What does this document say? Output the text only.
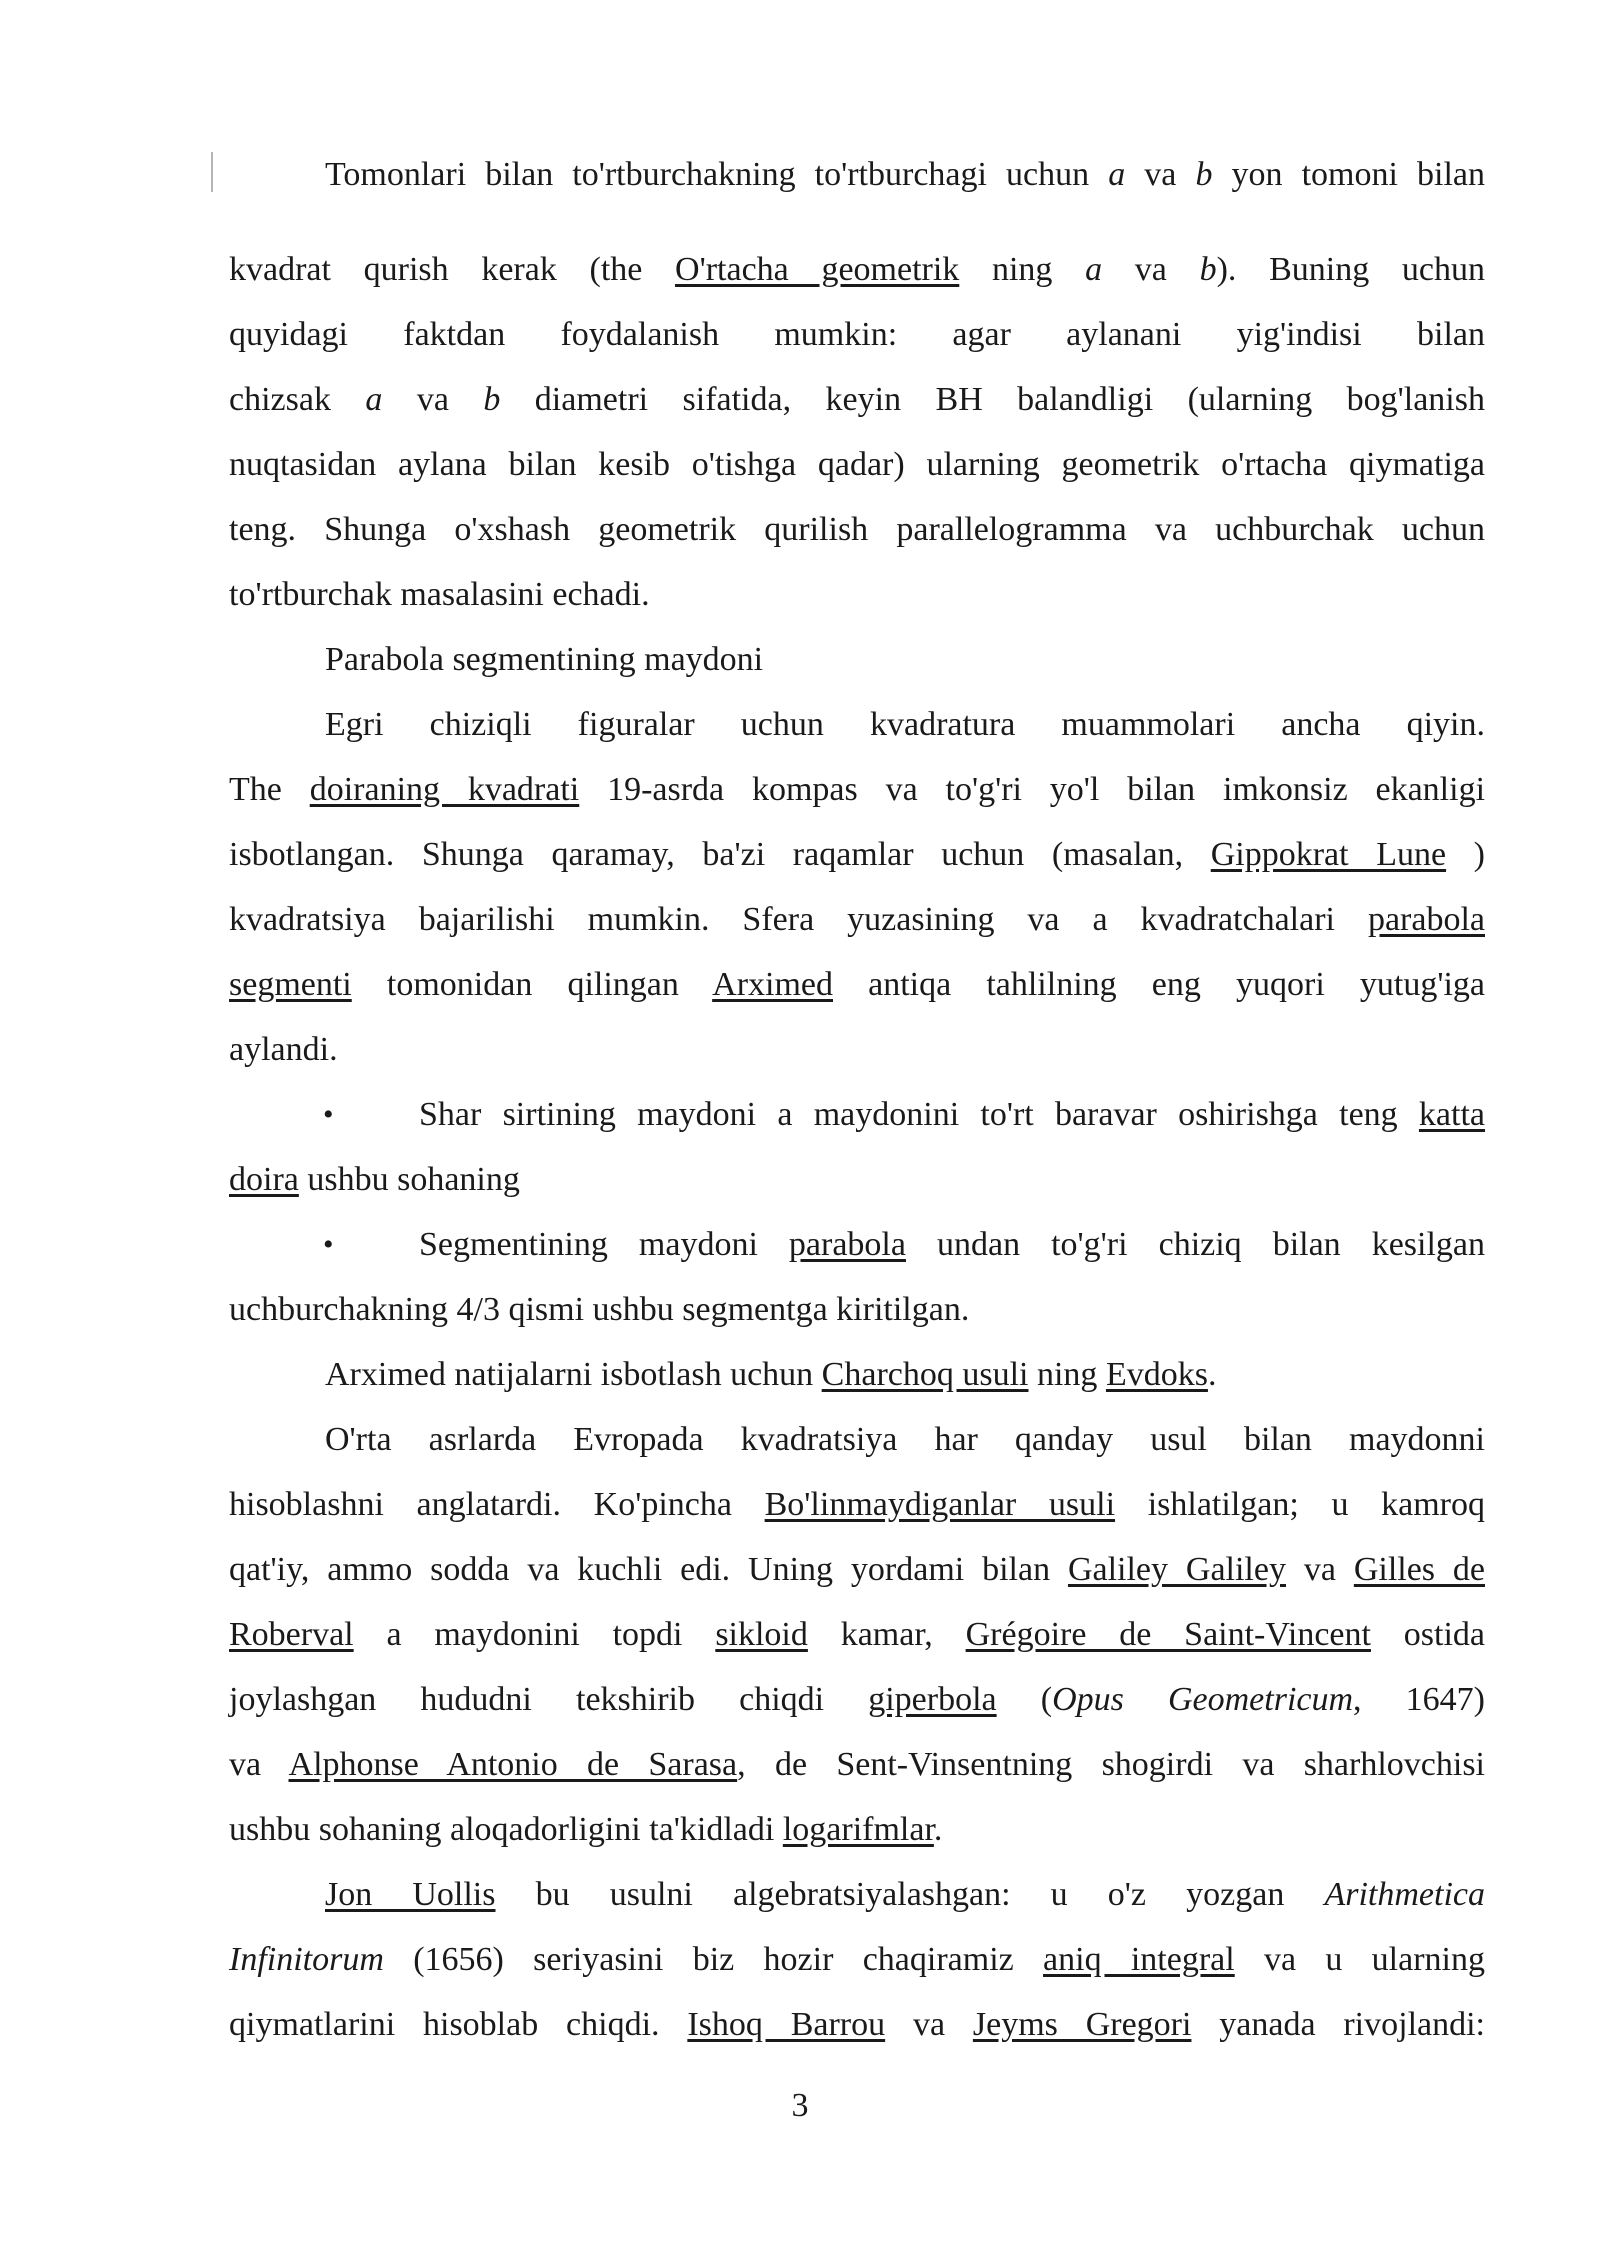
Tomonlari bilan to'rtburchakning to'rtburchagi uchun a va b yon tomoni bilan
kvadrat qurish kerak (the O'rtacha geometrik ning a va b). Buning uchun
quyidagi faktdan foydalanish mumkin: agar aylanani yig'indisi bilan
chizsak a va b diametri sifatida, keyin BH balandligi (ularning bog'lanish
nuqtasidan aylana bilan kesib o'tishga qadar) ularning geometrik o'rtacha qiymatiga
teng. Shunga o'xshash geometrik qurilish parallelogramma va uchburchak uchun
to'rtburchak masalasini echadi.
Parabola segmentining maydoni
Egri chiziqli figuralar uchun kvadratura muammolari ancha qiyin.
The doiraning kvadrati 19-asrda kompas va to'g'ri yo'l bilan imkonsiz ekanligi
isbotlangan. Shunga qaramay, ba'zi raqamlar uchun (masalan, Gippokrat Lune )
kvadratsiya bajarilishi mumkin. Sfera yuzasining va a kvadratchalari parabola
segmenti tomonidan qilingan Arximed antiqa tahlilning eng yuqori yutug'iga
aylandi.
•	Shar sirtining maydoni a maydonini to'rt baravar oshirishga teng katta
doira ushbu sohaning
•	Segmentining maydoni parabola undan to'g'ri chiziq bilan kesilgan
uchburchakning 4/3 qismi ushbu segmentga kiritilgan.
Arximed natijalarni isbotlash uchun Charchoq usuli ning Evdoks.
O'rta asrlarda Evropada kvadratsiya har qanday usul bilan maydonni
hisoblashni anglatardi. Ko'pincha Bo'linmaydiganlar usuli ishlatilgan; u kamroq
qat'iy, ammo sodda va kuchli edi. Uning yordami bilan Galiley Galiley va Gilles de
Roberval a maydonini topdi sikloid kamar, Grégoire de Saint-Vincent ostida
joylashgan hududni tekshirib chiqdi giperbola (Opus Geometricum, 1647)
va Alphonse Antonio de Sarasa, de Sent-Vinsentning shogirdi va sharhlovchisi
ushbu sohaning aloqadorligini ta'kidladi logarifmlar.
Jon Uollis bu usulni algebratsiyalashgan: u o'z yozgan Arithmetica
Infinitorum (1656) seriyasini biz hozir chaqiramiz aniq integral va u ularning
qiymatlarini hisoblab chiqdi. Ishoq Barrou va Jeyms Gregori yanada rivojlandi:
3
